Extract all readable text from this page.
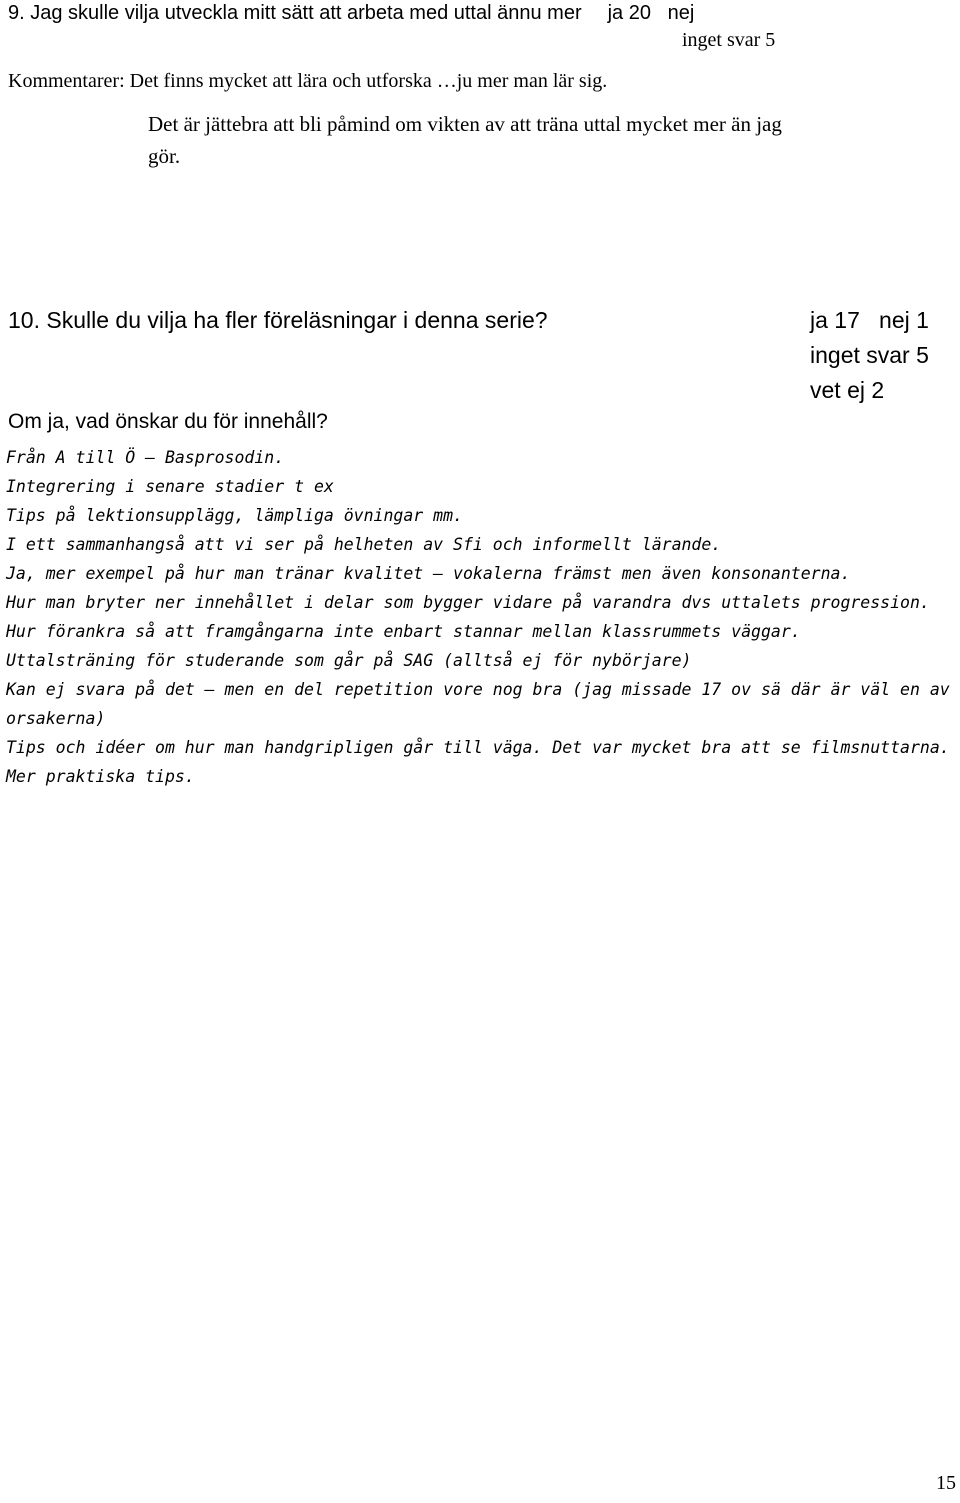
9. Jag skulle vilja utveckla mitt sätt att arbeta med uttal ännu mer ja 20 nej
inget svar 5
Kommentarer: Det finns mycket att lära och utforska …ju mer man lär sig.
Det är jättebra att bli påmind om vikten av att träna uttal mycket mer än jag
gör.
10. Skulle du vilja ha fler föreläsningar i denna serie?	ja 17   nej 1
inget svar 5
vet ej 2
Om ja, vad önskar du för innehåll?
Från A till Ö – Basprosodin.
Integrering i senare stadier t ex
Tips på lektionsupplägg, lämpliga övningar mm.
I ett sammanhangså att vi ser på helheten av Sfi och informellt lärande.
Ja, mer exempel på hur man tränar kvalitet – vokalerna främst men även konsonanterna.
Hur man bryter ner innehållet i delar som bygger vidare på varandra dvs uttalets progression.
Hur förankra så att framgångarna inte enbart stannar mellan klassrummets väggar.
Uttalsträning för studerande som går på SAG (alltså ej för nybörjare)
Kan ej svara på det – men en del repetition vore nog bra (jag missade 17 ov sä där är väl en av orsakerna)
Tips och idéer om hur man handgripligen går till väga. Det var mycket bra att se filmsnuttarna.
Mer praktiska tips.
15
